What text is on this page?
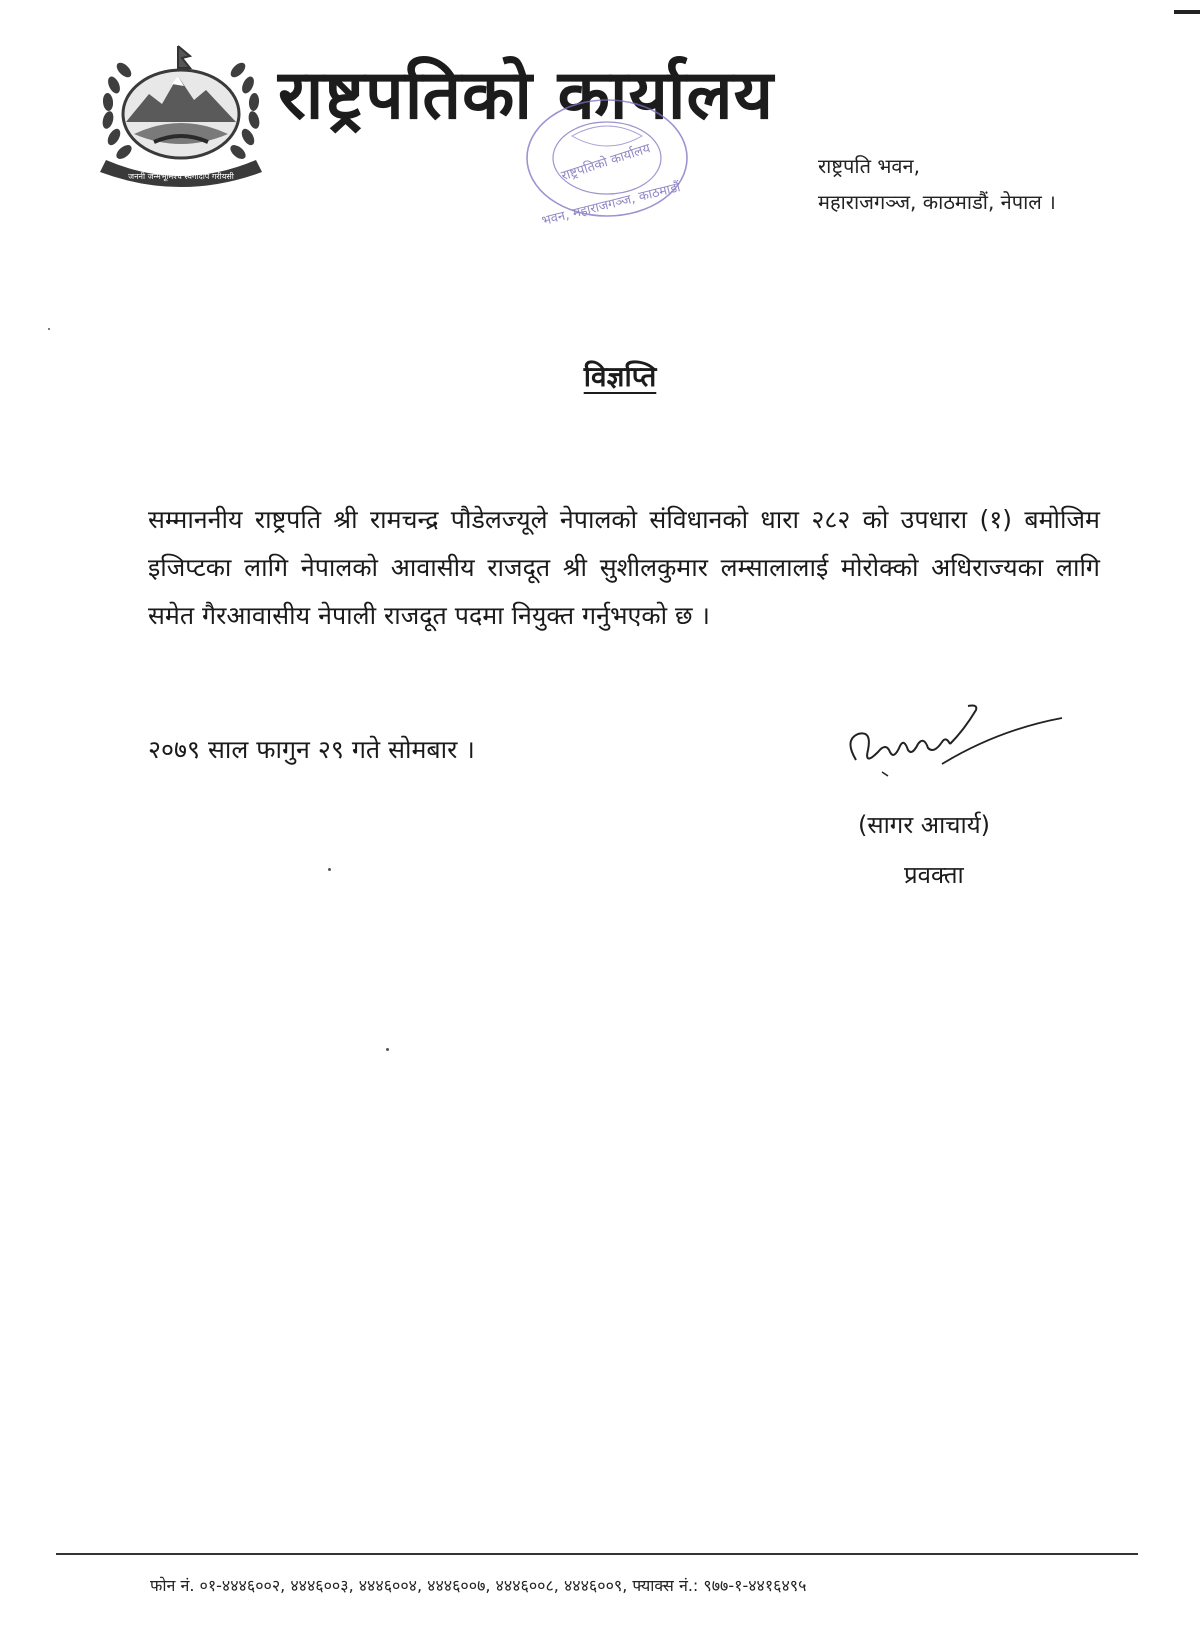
जननी जन्मभूमिश्च स्वर्गादपि गरीयसी
राष्ट्रपतिको कार्यालय
राष्ट्रपतिको कार्यालय
भवन, महाराजगञ्ज, काठमाडौं
राष्ट्रपति भवन,
महाराजगञ्ज, काठमाडौं, नेपाल ।
विज्ञप्ति
सम्माननीय राष्ट्रपति श्री रामचन्द्र पौडेलज्यूले नेपालको संविधानको धारा २८२ को उपधारा (१) बमोजिम इजिप्टका लागि नेपालको आवासीय राजदूत श्री सुशीलकुमार लम्सालालाई मोरोक्को अधिराज्यका लागि समेत गैरआवासीय नेपाली राजदूत पदमा नियुक्त गर्नुभएको छ ।
२०७९ साल फागुन २९ गते सोमबार ।
(सागर आचार्य)
प्रवक्ता
फोन नं. ०१-४४४६००२, ४४४६००३, ४४४६००४, ४४४६००७, ४४४६००८, ४४४६००९, फ्याक्स नं.: ९७७-१-४४१६४९५
